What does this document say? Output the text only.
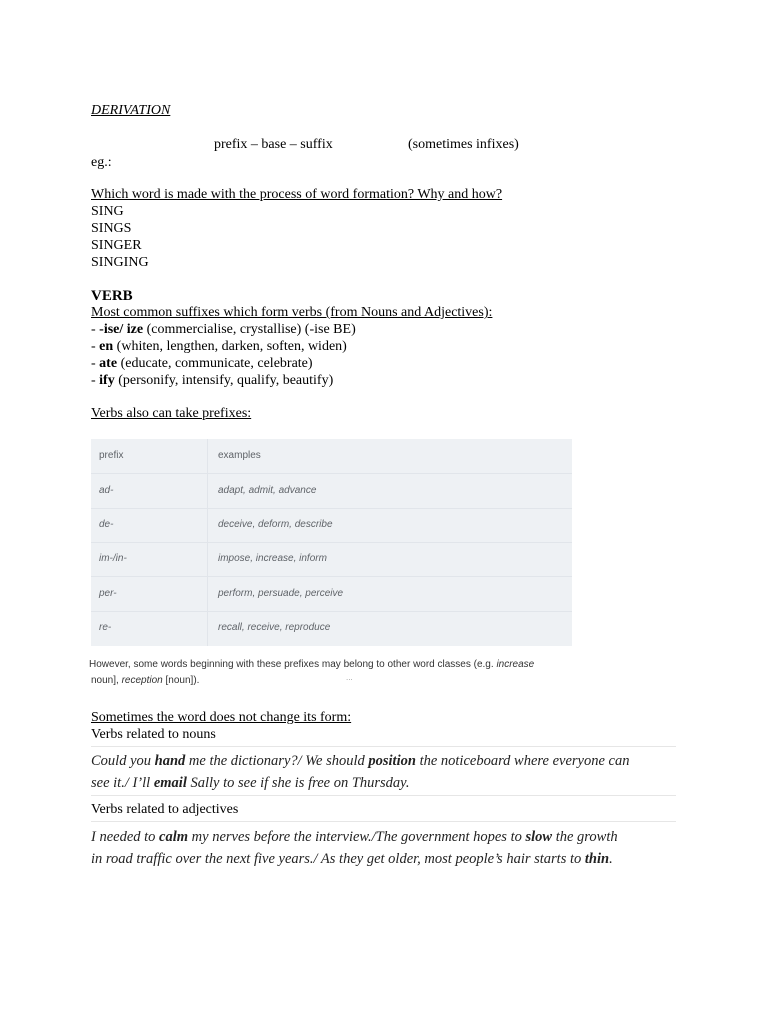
DERIVATION
prefix – base – suffix	(sometimes infixes)
eg.:
Which word is made with the process of word formation? Why and how?
SING
SINGS
SINGER
SINGING
VERB
Most common suffixes which form verbs (from Nouns and Adjectives):
- -ise/ ize (commercialise, crystallise) (-ise BE)
- en (whiten, lengthen, darken, soften, widen)
- ate (educate, communicate, celebrate)
- ify (personify, intensify, qualify, beautify)
Verbs also can take prefixes:
prefix	examples
ad-	adapt, admit, advance
de-	deceive, deform, describe
im-/in-	impose, increase, inform
per-	perform, persuade, perceive
re-	recall, receive, reproduce
However, some words beginning with these prefixes may belong to other word classes (e.g. increase
noun], reception [noun]).	...
Sometimes the word does not change its form:
Verbs related to nouns
Could you hand me the dictionary?/ We should position the noticeboard where everyone can
see it./ I’ll email Sally to see if she is free on Thursday.
Verbs related to adjectives
I needed to calm my nerves before the interview./The government hopes to slow the growth
in road traffic over the next five years./ As they get older, most people’s hair starts to thin.
